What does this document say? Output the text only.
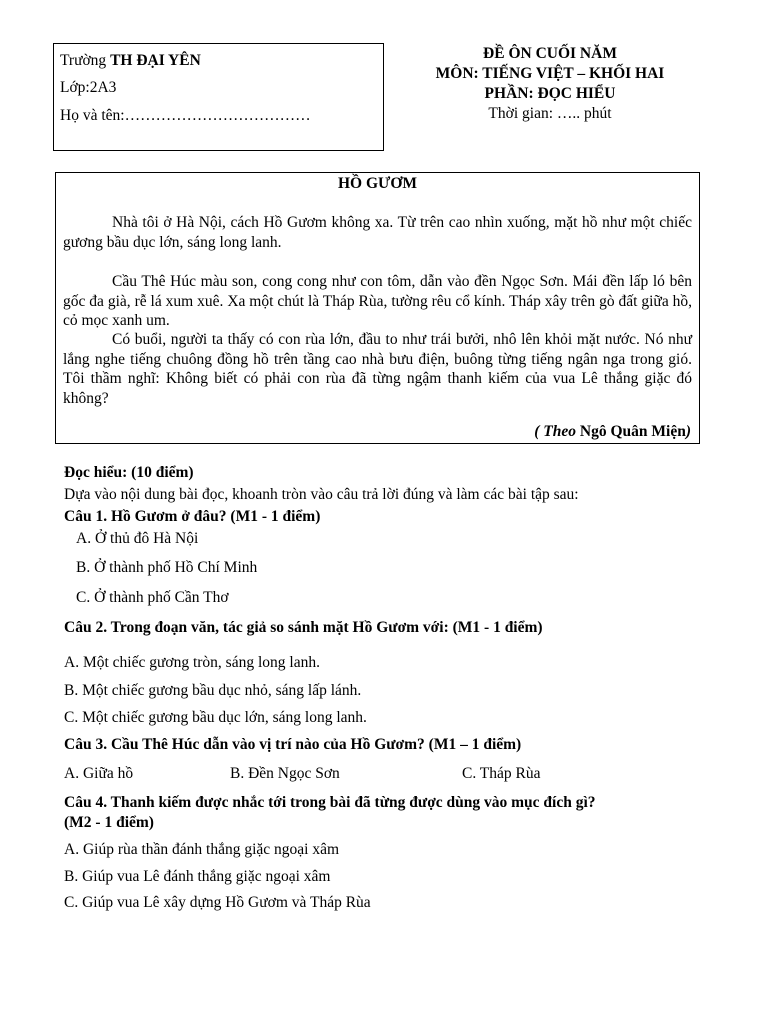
Trường TH ĐẠI YÊN
Lớp:2A3
Họ và tên:………………………………
ĐỀ ÔN CUỐI NĂM
MÔN: TIẾNG VIỆT – KHỐI HAI
PHẦN: ĐỌC HIỂU
Thời gian: ….. phút
HỒ GƯƠM
Nhà tôi ở Hà Nội, cách Hồ Gươm không xa. Từ trên cao nhìn xuống, mặt hồ như một chiếc gương bầu dục lớn, sáng long lanh.
Cầu Thê Húc màu son, cong cong như con tôm, dẫn vào đền Ngọc Sơn. Mái đền lấp ló bên gốc đa già, rễ lá xum xuê. Xa một chút là Tháp Rùa, tường rêu cổ kính. Tháp xây trên gò đất giữa hồ, cỏ mọc xanh um.
Có buổi, người ta thấy có con rùa lớn, đầu to như trái bưởi, nhô lên khỏi mặt nước. Nó như lắng nghe tiếng chuông đồng hồ trên tầng cao nhà bưu điện, buông từng tiếng ngân nga trong gió. Tôi thầm nghĩ: Không biết có phải con rùa đã từng ngậm thanh kiếm của vua Lê thắng giặc đó không?
( Theo Ngô Quân Miện)
Đọc hiểu: (10 điểm)
Dựa vào nội dung bài đọc, khoanh tròn vào câu trả lời đúng và làm các bài tập sau:
Câu 1. Hồ Gươm ở đâu? (M1 - 1 điểm)
A. Ở thủ đô Hà Nội
B. Ở thành phố Hồ Chí Minh
C. Ở thành phố Cần Thơ
Câu 2. Trong đoạn văn, tác giả so sánh mặt Hồ Gươm với: (M1 - 1 điểm)
A. Một chiếc gương tròn, sáng long lanh.
B. Một chiếc gương bầu dục nhỏ, sáng lấp lánh.
C. Một chiếc gương bầu dục lớn, sáng long lanh.
Câu 3. Cầu Thê Húc dẫn vào vị trí nào của Hồ Gươm? (M1 – 1 điểm)
A. Giữa hồ	B. Đền Ngọc Sơn	C. Tháp Rùa
Câu 4. Thanh kiếm được nhắc tới trong bài đã từng được dùng vào mục đích gì?
(M2 - 1 điểm)
A. Giúp rùa thần đánh thắng giặc ngoại xâm
B. Giúp vua Lê đánh thắng giặc ngoại xâm
C. Giúp vua Lê xây dựng Hồ Gươm và Tháp Rùa
